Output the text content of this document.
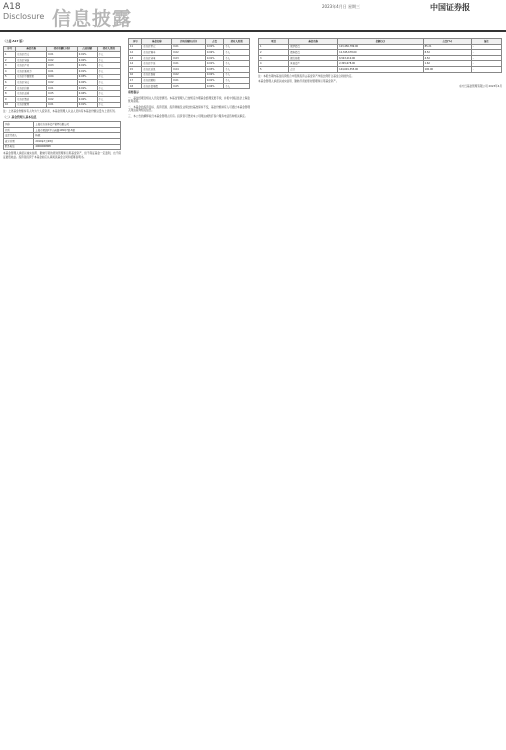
A18
Disclosure 信息披露
2023年4月日 星期三	中国证券报
（上接 A17 版）
序号	基金名称	持有份额(万份)	占总份额	持有人类别
1	东方红启元	0.01	0.01%	个人
2	东方红睿满	0.02	0.02%	个人
3	东方红产业	0.03	0.01%	个人
4	东方红新动力	0.01	0.01%	个人
5	东方红中国优势	0.04	0.03%	个人
6	东方红睿元	0.02	0.02%	个人
7	东方红价值	0.01	0.01%	个人
8	东方红品质	0.05	0.04%	个人
9	东方红智远	0.02	0.02%	个人
10	东方红配置	0.01	0.01%	个人

注：上述基金份额持有人均为个人投资者，本基金管理人从业人员持有本基金份额总量为上表所列。

（二）基金管理人基本信息
名称	上海东方证券资产管理有限公司
住所	上海市黄浦区中山南路109号7层-8层
法定代表人	杨斌
成立日期	2010年7月28日
联系电话	4009200808

本基金管理人承诺以诚实信用、勤勉尽责的原则管理和运用基金资产，但不保证基金一定盈利，也不保证最低收益。投资者投资于本基金前应认真阅读基金合同和招募说明书。

序号	基金名称	持有份额(万份)	占比	持有人类别
11	东方红恒元	0.01	0.01%	个人
12	东方红锦丰	0.02	0.02%	个人
13	东方红睿玺	0.03	0.01%	个人
14	东方红中证	0.01	0.01%	个人
15	东方红远见	0.04	0.03%	个人
16	东方红创新	0.02	0.02%	个人
17	东方红颐和	0.01	0.01%	个人
18	东方红信用债	0.05	0.04%	个人
重要提示

一、基金经理及相关人员变更情况。本基金管理人已按规定办理基金经理变更手续，并报中国证监会上海监管局备案。

二、本基金的投资目标、投资范围、投资策略及业绩比较基准保持不变，基金份额持有人可通过本基金管理人网站查询相关信息。

三、本公告的解释权归本基金管理人所有。投资者可登录本公司网站或拨打客户服务电话咨询相关事宜。

项目	基金名称	金额(元)	占比(%)	备注
1	股票投资	123,456,789.00	85.21	-
2	债券投资	12,345,678.00	8.52	-
3	银行存款	6,543,210.00	4.52	-
4	其他资产	2,345,678.00	1.62	-
5	合计	144,691,355.00	100.00	-

注：本报告期内基金投资组合中股票投资占基金资产净值比例符合基金合同的约定。

本基金管理人承诺以诚实信用、勤勉尽责的原则管理和运用基金资产。

东方红基金管理有限公司 2023年4月
